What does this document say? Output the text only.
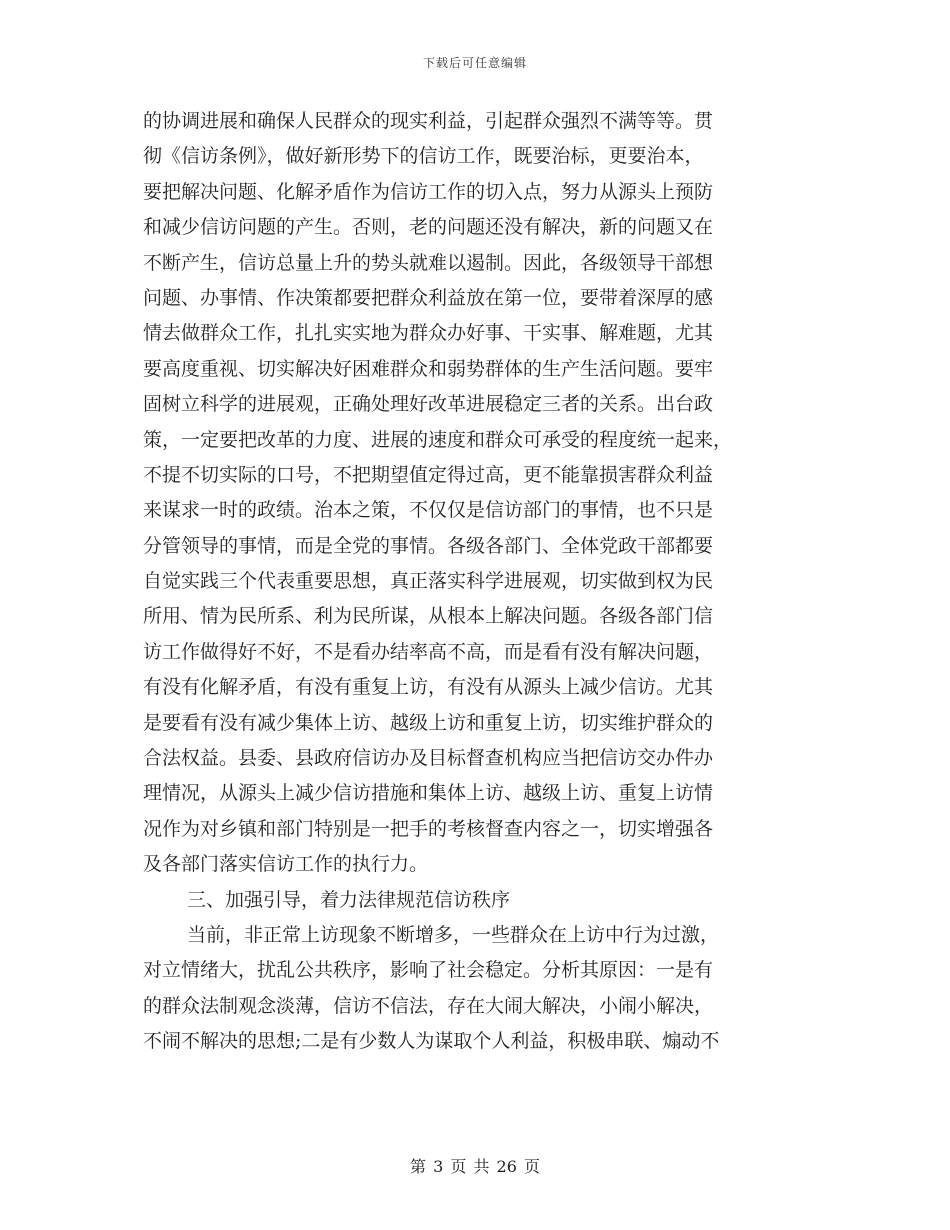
下载后可任意编辑
的协调进展和确保人民群众的现实利益，引起群众强烈不满等等。贯
彻《信访条例》，做好新形势下的信访工作，既要治标，更要治本，
要把解决问题、化解矛盾作为信访工作的切入点，努力从源头上预防
和减少信访问题的产生。否则，老的问题还没有解决，新的问题又在
不断产生，信访总量上升的势头就难以遏制。因此，各级领导干部想
问题、办事情、作决策都要把群众利益放在第一位，要带着深厚的感
情去做群众工作，扎扎实实地为群众办好事、干实事、解难题，尤其
要高度重视、切实解决好困难群众和弱势群体的生产生活问题。要牢
固树立科学的进展观，正确处理好改革进展稳定三者的关系。出台政
策，一定要把改革的力度、进展的速度和群众可承受的程度统一起来，
不提不切实际的口号，不把期望值定得过高，更不能靠损害群众利益
来谋求一时的政绩。治本之策，不仅仅是信访部门的事情，也不只是
分管领导的事情，而是全党的事情。各级各部门、全体党政干部都要
自觉实践三个代表重要思想，真正落实科学进展观，切实做到权为民
所用、情为民所系、利为民所谋，从根本上解决问题。各级各部门信
访工作做得好不好，不是看办结率高不高，而是看有没有解决问题，
有没有化解矛盾，有没有重复上访，有没有从源头上减少信访。尤其
是要看有没有减少集体上访、越级上访和重复上访，切实维护群众的
合法权益。县委、县政府信访办及目标督查机构应当把信访交办件办
理情况，从源头上减少信访措施和集体上访、越级上访、重复上访情
况作为对乡镇和部门特别是一把手的考核督查内容之一，切实增强各
及各部门落实信访工作的执行力。
三、加强引导，着力法律规范信访秩序
当前，非正常上访现象不断增多，一些群众在上访中行为过激，
对立情绪大，扰乱公共秩序，影响了社会稳定。分析其原因：一是有
的群众法制观念淡薄，信访不信法，存在大闹大解决，小闹小解决，
不闹不解决的思想;二是有少数人为谋取个人利益，积极串联、煽动不
第 3 页 共 26 页
